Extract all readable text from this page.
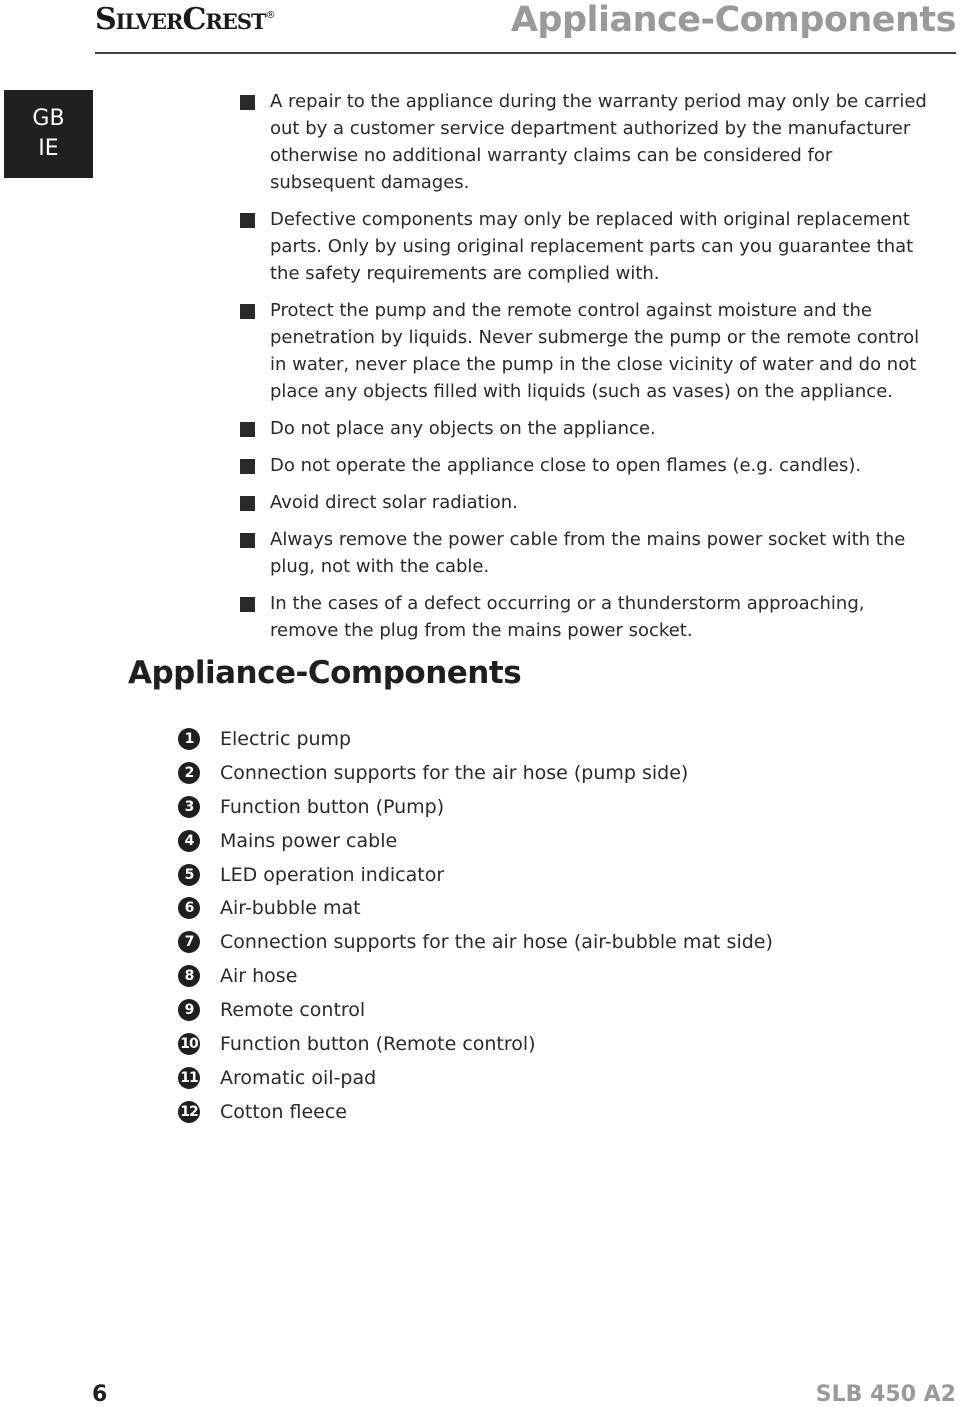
SilverCrest®	Appliance-Components
GB
IE
A repair to the appliance during the warranty period may only be carried out by a customer service department authorized by the manufacturer otherwise no additional warranty claims can be considered for subsequent damages.
Defective components may only be replaced with original replacement parts. Only by using original replacement parts can you guarantee that the safety requirements are complied with.
Protect the pump and the remote control against moisture and the penetration by liquids. Never submerge the pump or the remote control in water, never place the pump in the close vicinity of water and do not place any objects filled with liquids (such as vases) on the appliance.
Do not place any objects on the appliance.
Do not operate the appliance close to open flames (e.g. candles).
Avoid direct solar radiation.
Always remove the power cable from the mains power socket with the plug, not with the cable.
In the cases of a defect occurring or a thunderstorm approaching, remove the plug from the mains power socket.
Appliance-Components
1	Electric pump
2	Connection supports for the air hose (pump side)
3	Function button (Pump)
4	Mains power cable
5	LED operation indicator
6	Air-bubble mat
7	Connection supports for the air hose (air-bubble mat side)
8	Air hose
9	Remote control
10 Function button (Remote control)
11 Aromatic oil-pad
12 Cotton fleece
6	SLB 450 A2
